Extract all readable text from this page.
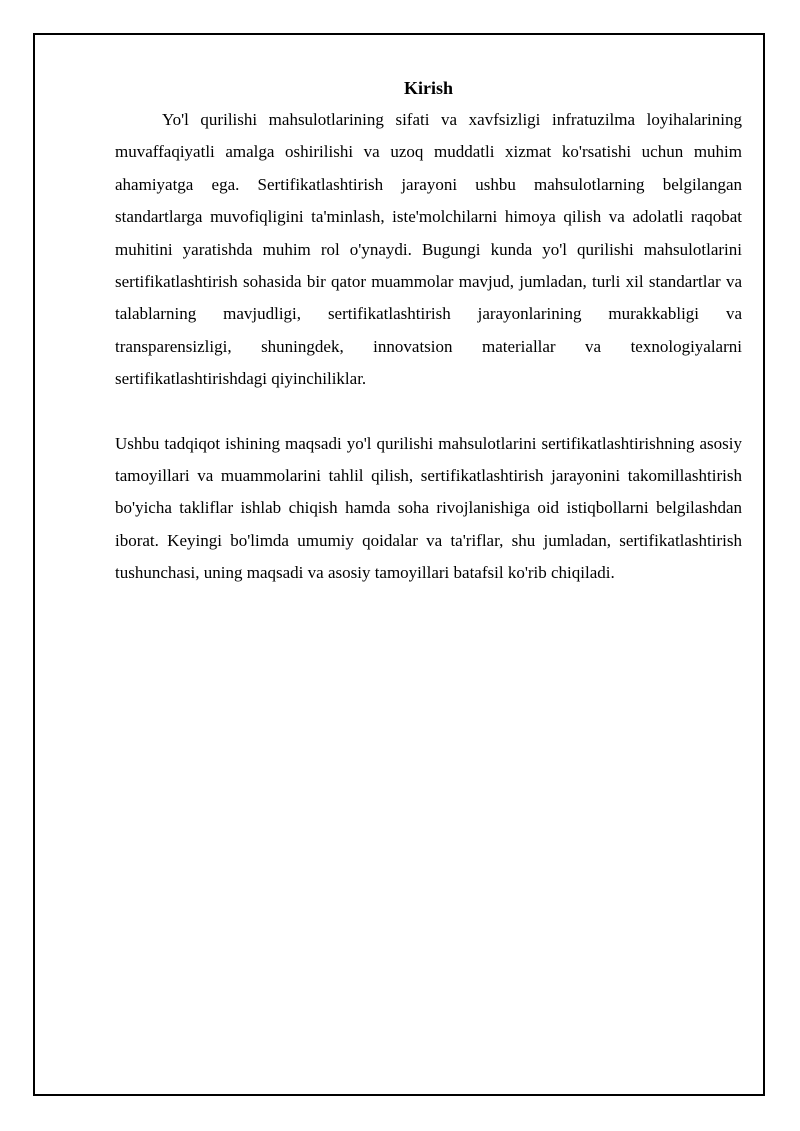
Kirish

Yo'l qurilishi mahsulotlarining sifati va xavfsizligi infratuzilma loyihalarining muvaffaqiyatli amalga oshirilishi va uzoq muddatli xizmat ko'rsatishi uchun muhim ahamiyatga ega. Sertifikatlashtirish jarayoni ushbu mahsulotlarning belgilangan standartlarga muvofiqligini ta'minlash, iste'molchilarni himoya qilish va adolatli raqobat muhitini yaratishda muhim rol o'ynaydi. Bugungi kunda yo'l qurilishi mahsulotlarini sertifikatlashtirish sohasida bir qator muammolar mavjud, jumladan, turli xil standartlar va talablarning mavjudligi, sertifikatlashtirish jarayonlarining murakkabligi va transparensizligi, shuningdek, innovatsion materiallar va texnologiyalarni sertifikatlashtirishdagi qiyinchiliklar.

Ushbu tadqiqot ishining maqsadi yo'l qurilishi mahsulotlarini sertifikatlashtirishning asosiy tamoyillari va muammolarini tahlil qilish, sertifikatlashtirish jarayonini takomillashtirish bo'yicha takliflar ishlab chiqish hamda soha rivojlanishiga oid istiqbollarni belgilashdan iborat. Keyingi bo'limda umumiy qoidalar va ta'riflar, shu jumladan, sertifikatlashtirish tushunchasi, uning maqsadi va asosiy tamoyillari batafsil ko'rib chiqiladi.
